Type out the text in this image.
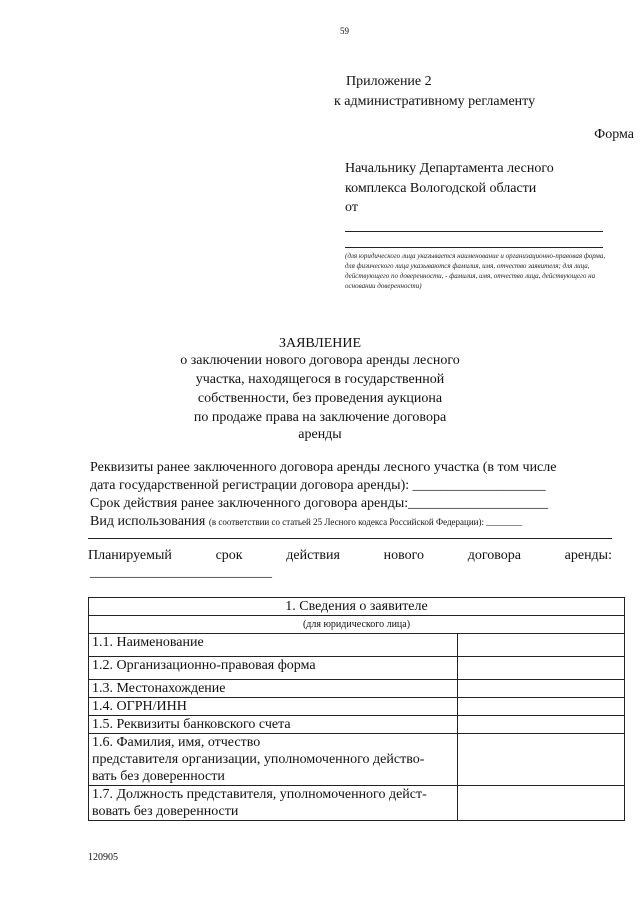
59
Приложение 2
к административному регламенту
Форма
Начальнику Департамента лесного
комплекса Вологодской области
от
(для юридического лица указывается наименование и организационно-правовая форма, для физического лица указываются фамилия, имя, отчество заявителя; для лица, действующего по доверенности, - фамилия, имя, отчество лица, действующего на основании доверенности)
ЗАЯВЛЕНИЕ
о заключении нового договора аренды лесного
участка, находящегося в государственной
собственности, без проведения аукциона
по продаже права на заключение договора
аренды
Реквизиты ранее заключенного договора аренды лесного участка (в том числе
дата государственной регистрации договора аренды): ___________________
Срок действия ранее заключенного договора аренды:____________________
Вид использования (в соответствии со статьей 25 Лесного кодекса Российской Федерации): ________
Планируемый	срок	действия	нового	договора	аренды:
__________________________
1. Сведения о заявителе	
(для юридического лица)	
1.1. Наименование	
1.2. Организационно-правовая форма	
1.3. Местонахождение	
1.4. ОГРН/ИНН	
1.5. Реквизиты банковского счета	
1.6. Фамилия, имя, отчество
представителя организации, уполномоченного действо-
вать без доверенности	
1.7. Должность представителя, уполномоченного дейст-
вовать без доверенности	
120905
